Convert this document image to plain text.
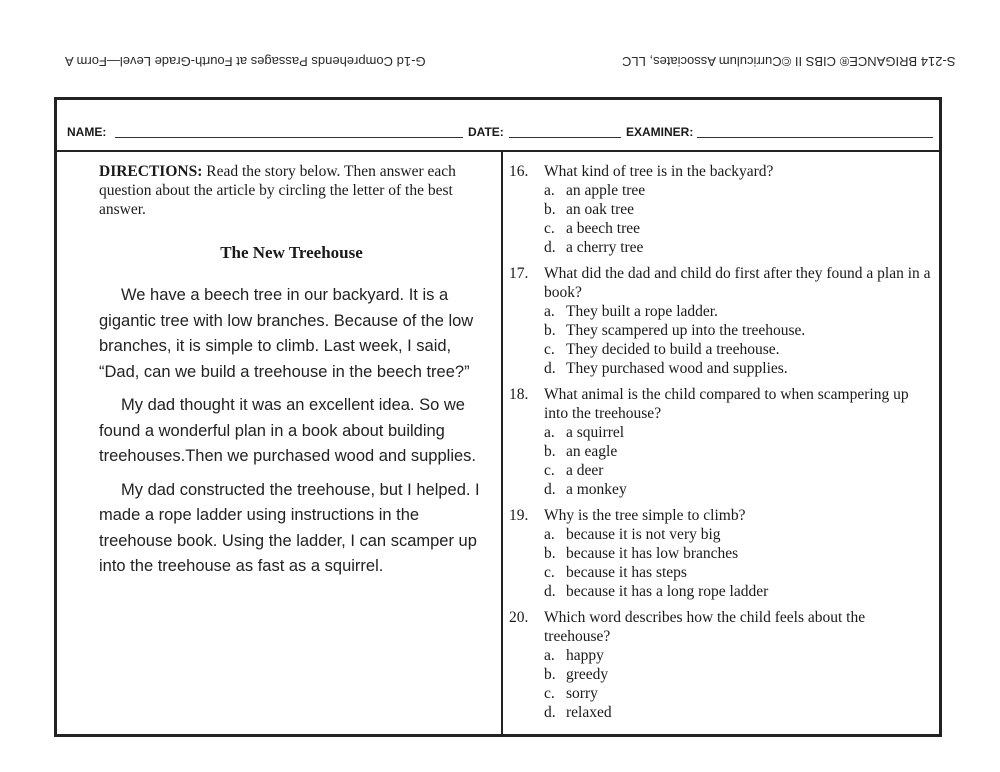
G-1d Comprehends Passages at Fourth-Grade Level—Form A	S-214 BRIGANCE® CIBS II ©Curriculum Associates, LLC
NAME:	DATE:	EXAMINER:

DIRECTIONS: Read the story below. Then answer each question about the article by circling the letter of the best answer.

The New Treehouse

We have a beech tree in our backyard. It is a gigantic tree with low branches. Because of the low branches, it is simple to climb. Last week, I said, “Dad, can we build a treehouse in the beech tree?”

My dad thought it was an excellent idea. So we found a wonderful plan in a book about building treehouses.Then we purchased wood and supplies.

My dad constructed the treehouse, but I helped. I made a rope ladder using instructions in the treehouse book. Using the ladder, I can scamper up into the treehouse as fast as a squirrel.

16.	What kind of tree is in the backyard?
a. an apple tree
b. an oak tree
c. a beech tree
d. a cherry tree
17.	What did the dad and child do first after they found a plan in a book?
a. They built a rope ladder.
b. They scampered up into the treehouse.
c. They decided to build a treehouse.
d. They purchased wood and supplies.
18.	What animal is the child compared to when scampering up into the treehouse?
a. a squirrel
b. an eagle
c. a deer
d. a monkey
19.	Why is the tree simple to climb?
a. because it is not very big
b. because it has low branches
c. because it has steps
d. because it has a long rope ladder
20.	Which word describes how the child feels about the treehouse?
a. happy
b. greedy
c. sorry
d. relaxed
